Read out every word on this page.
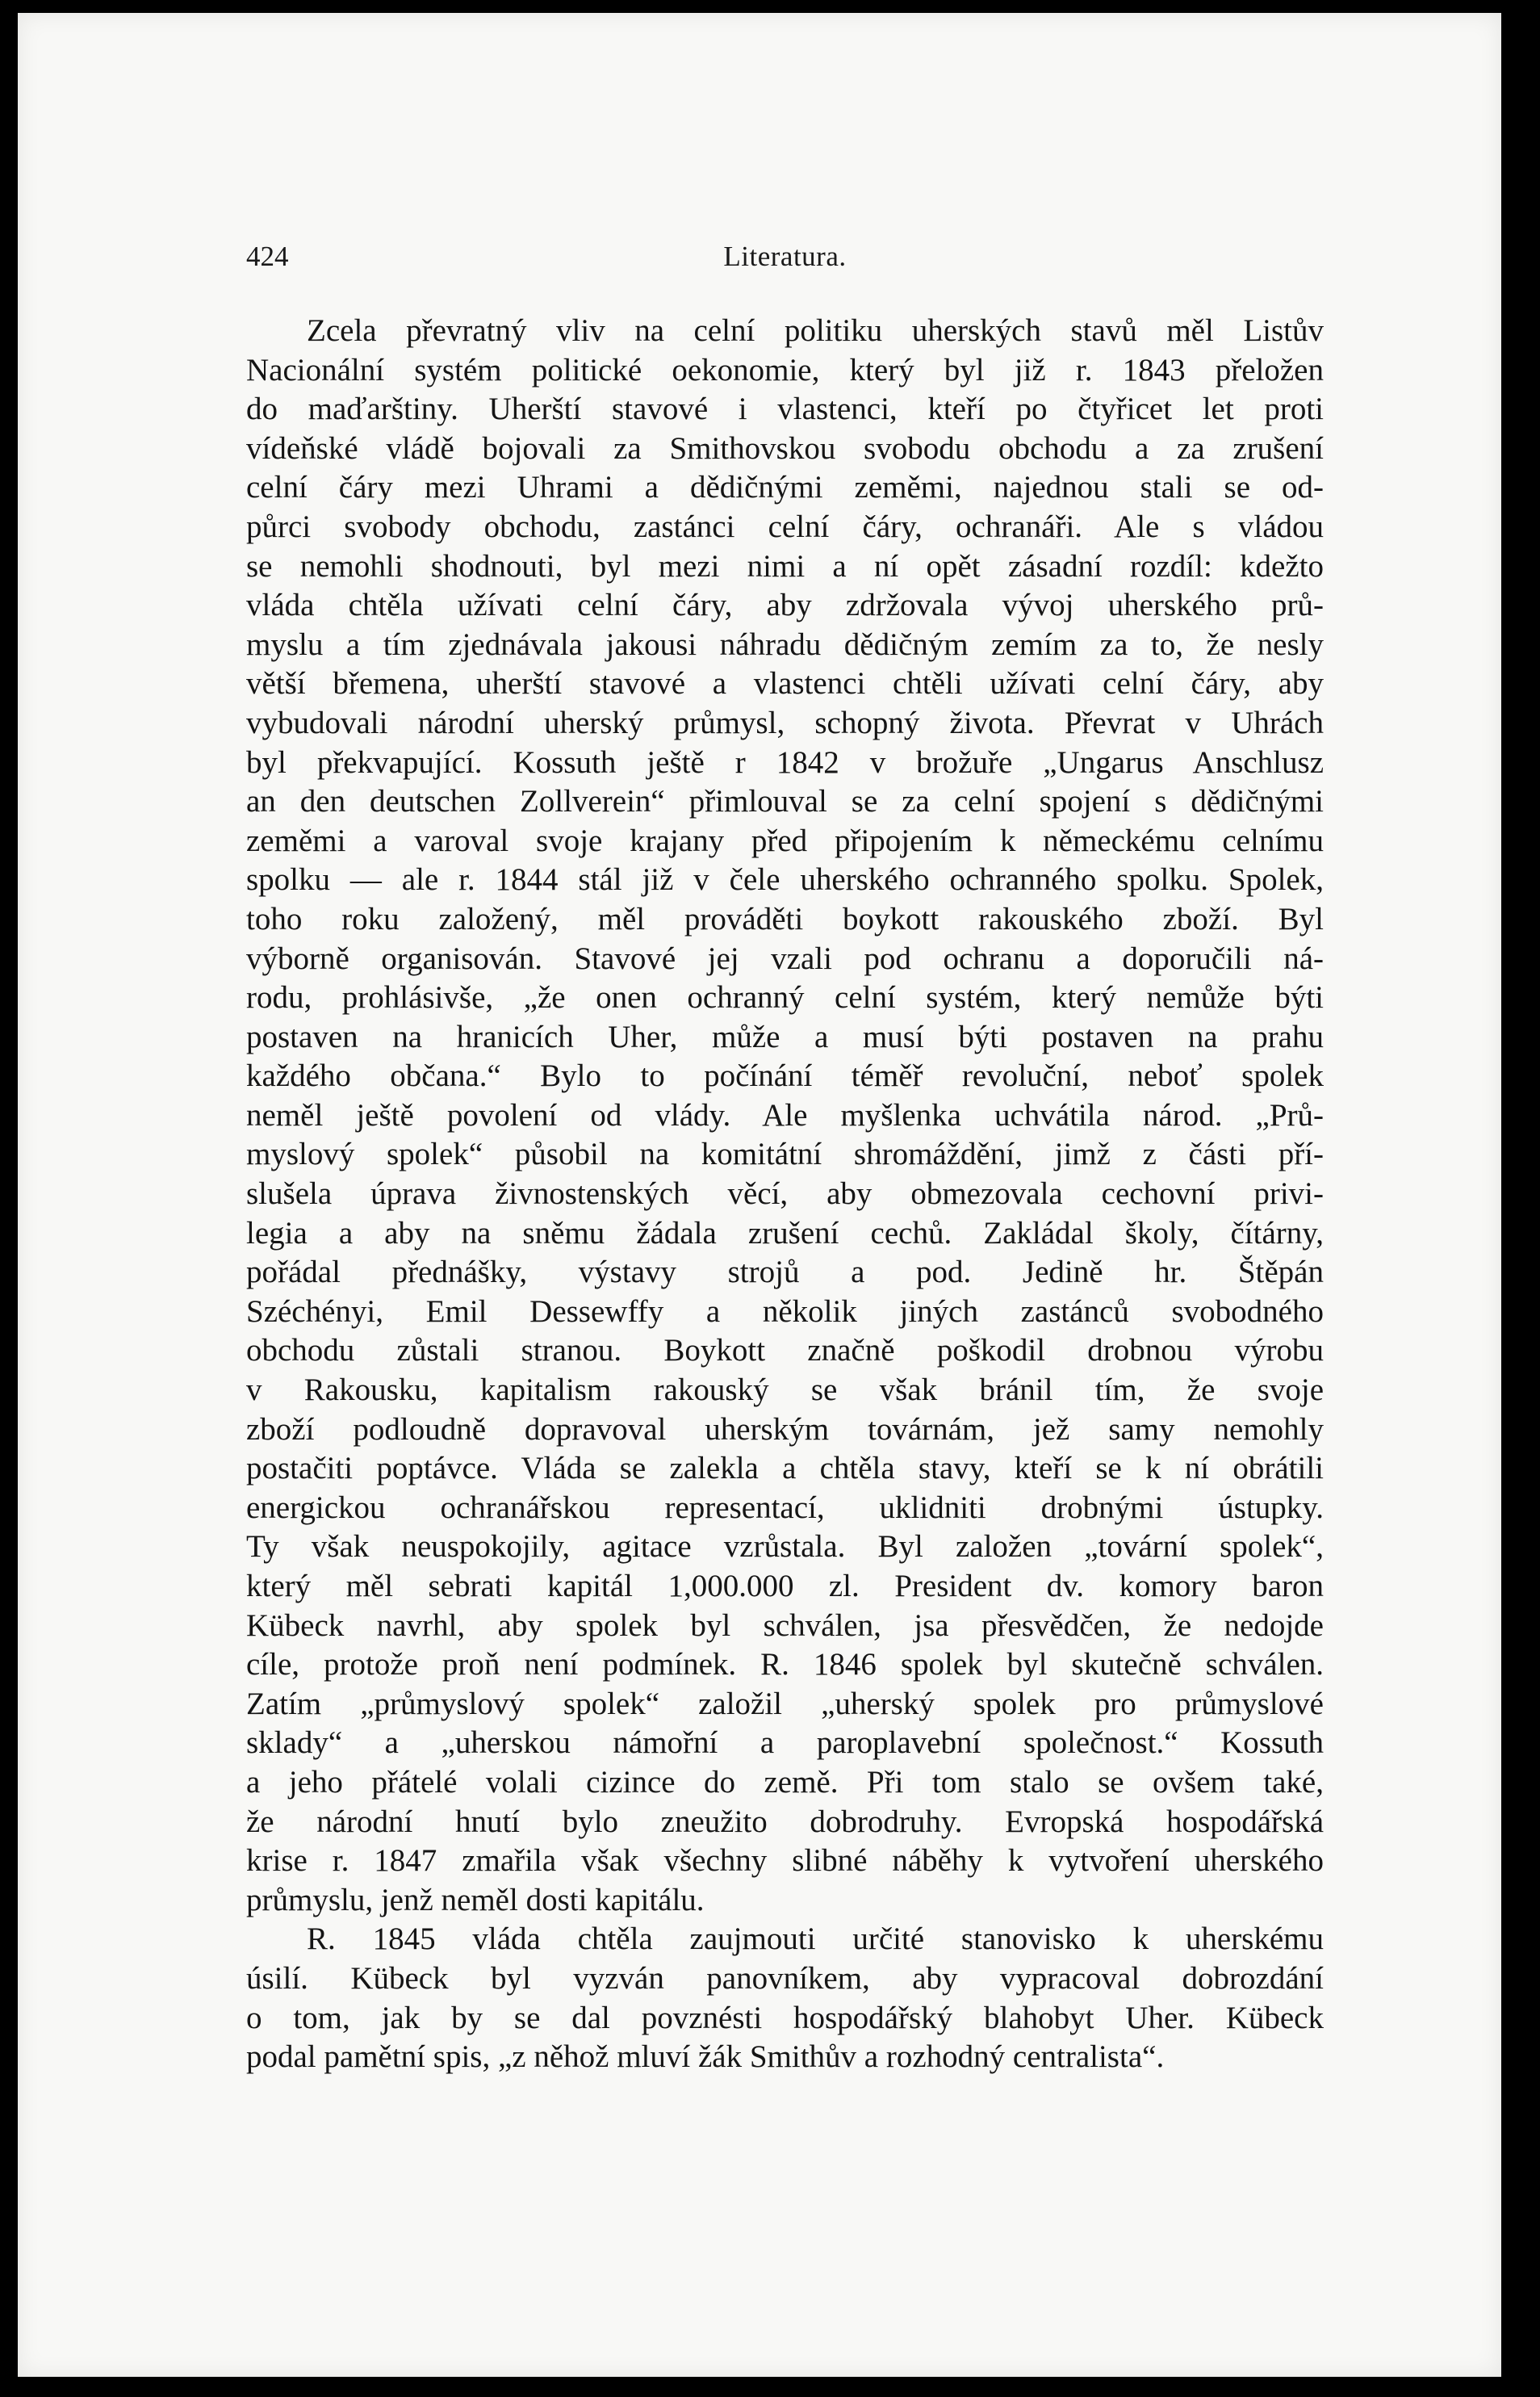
424	Literatura.
Zcela převratný vliv na celní politiku uherských stavů měl Listův
Nacionální systém politické oekonomie, který byl již r. 1843 přeložen
do maďarštiny. Uherští stavové i vlastenci, kteří po čtyřicet let proti
vídeňské vládě bojovali za Smithovskou svobodu obchodu a za zrušení
celní čáry mezi Uhrami a dědičnými zeměmi, najednou stali se od-
půrci svobody obchodu, zastánci celní čáry, ochranáři. Ale s vládou
se nemohli shodnouti, byl mezi nimi a ní opět zásadní rozdíl: kdežto
vláda chtěla užívati celní čáry, aby zdržovala vývoj uherského prů-
myslu a tím zjednávala jakousi náhradu dědičným zemím za to, že nesly
větší břemena, uherští stavové a vlastenci chtěli užívati celní čáry, aby
vybudovali národní uherský průmysl, schopný života. Převrat v Uhrách
byl překvapující. Kossuth ještě r 1842 v brožuře „Ungarus Anschlusz
an den deutschen Zollverein“ přimlouval se za celní spojení s dědičnými
zeměmi a varoval svoje krajany před připojením k německému celnímu
spolku — ale r. 1844 stál již v čele uherského ochranného spolku. Spolek,
toho roku založený, měl prováděti boykott rakouského zboží. Byl
výborně organisován. Stavové jej vzali pod ochranu a doporučili ná-
rodu, prohlásivše, „že onen ochranný celní systém, který nemůže býti
postaven na hranicích Uher, může a musí býti postaven na prahu
každého občana.“ Bylo to počínání téměř revoluční, neboť spolek
neměl ještě povolení od vlády. Ale myšlenka uchvátila národ. „Prů-
myslový spolek“ působil na komitátní shromáždění, jimž z části pří-
slušela úprava živnostenských věcí, aby obmezovala cechovní privi-
legia a aby na sněmu žádala zrušení cechů. Zakládal školy, čítárny,
pořádal přednášky, výstavy strojů a pod. Jedině hr. Štěpán
Széchényi, Emil Dessewffy a několik jiných zastánců svobodného
obchodu zůstali stranou. Boykott značně poškodil drobnou výrobu
v Rakousku, kapitalism rakouský se však bránil tím, že svoje
zboží podloudně dopravoval uherským továrnám, jež samy nemohly
postačiti poptávce. Vláda se zalekla a chtěla stavy, kteří se k ní obrátili
energickou ochranářskou representací, uklidniti drobnými ústupky.
Ty však neuspokojily, agitace vzrůstala. Byl založen „tovární spolek“,
který měl sebrati kapitál 1,000.000 zl. President dv. komory baron
Kübeck navrhl, aby spolek byl schválen, jsa přesvědčen, že nedojde
cíle, protože proň není podmínek. R. 1846 spolek byl skutečně schválen.
Zatím „průmyslový spolek“ založil „uherský spolek pro průmyslové
sklady“ a „uherskou námořní a paroplavební společnost.“ Kossuth
a jeho přátelé volali cizince do země. Při tom stalo se ovšem také,
že národní hnutí bylo zneužito dobrodruhy. Evropská hospodářská
krise r. 1847 zmařila však všechny slibné náběhy k vytvoření uherského
průmyslu, jenž neměl dosti kapitálu.
R. 1845 vláda chtěla zaujmouti určité stanovisko k uherskému
úsilí. Kübeck byl vyzván panovníkem, aby vypracoval dobrozdání
o tom, jak by se dal povznésti hospodářský blahobyt Uher. Kübeck
podal pamětní spis, „z něhož mluví žák Smithův a rozhodný centralista“.
